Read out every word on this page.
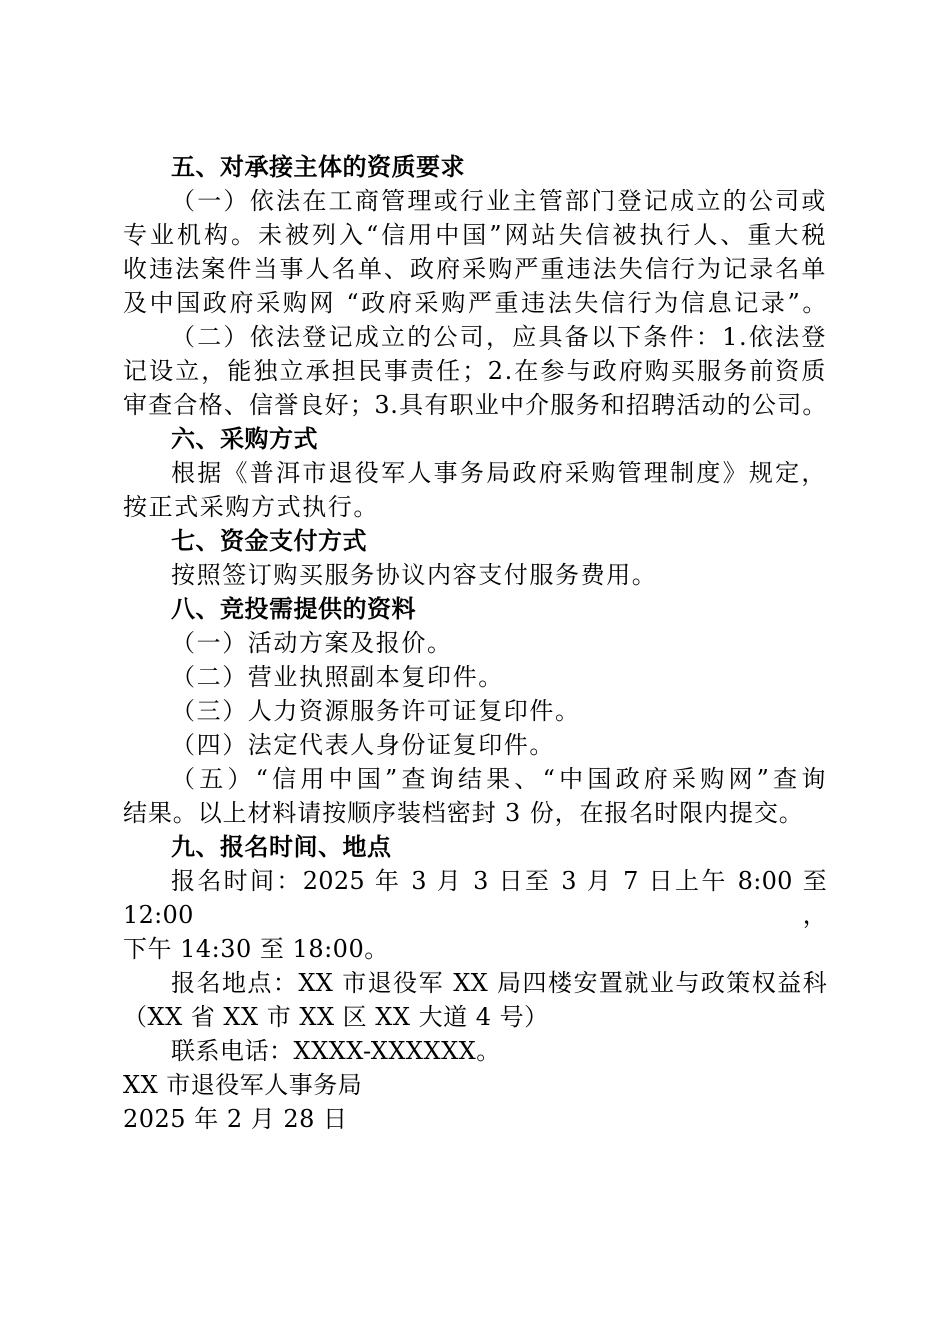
五、对承接主体的资质要求

（一）依法在工商管理或行业主管部门登记成立的公司或

专业机构。未被列入“信用中国”网站失信被执行人、重大税

收违法案件当事人名单、政府采购严重违法失信行为记录名单

及中国政府采购网 “政府采购严重违法失信行为信息记录”。

（二）依法登记成立的公司，应具备以下条件：1.依法登

记设立，能独立承担民事责任；2.在参与政府购买服务前资质

审查合格、信誉良好；3.具有职业中介服务和招聘活动的公司。

六、采购方式

根据《普洱市退役军人事务局政府采购管理制度》规定，

按正式采购方式执行。

七、资金支付方式

按照签订购买服务协议内容支付服务费用。

八、竞投需提供的资料

（一）活动方案及报价。

（二）营业执照副本复印件。

（三）人力资源服务许可证复印件。

（四）法定代表人身份证复印件。

（五）“信用中国”查询结果、“中国政府采购网”查询

结果。以上材料请按顺序装档密封 3 份，在报名时限内提交。

九、报名时间、地点

报名时间：2025 年 3 月 3 日至 3 月 7 日上午 8:00 至 12:00，

下午 14:30 至 18:00。

报名地点：XX 市退役军 XX 局四楼安置就业与政策权益科

（XX 省 XX 市 XX 区 XX 大道 4 号）

联系电话：XXXX-XXXXXX。

XX 市退役军人事务局

2025 年 2 月 28 日
